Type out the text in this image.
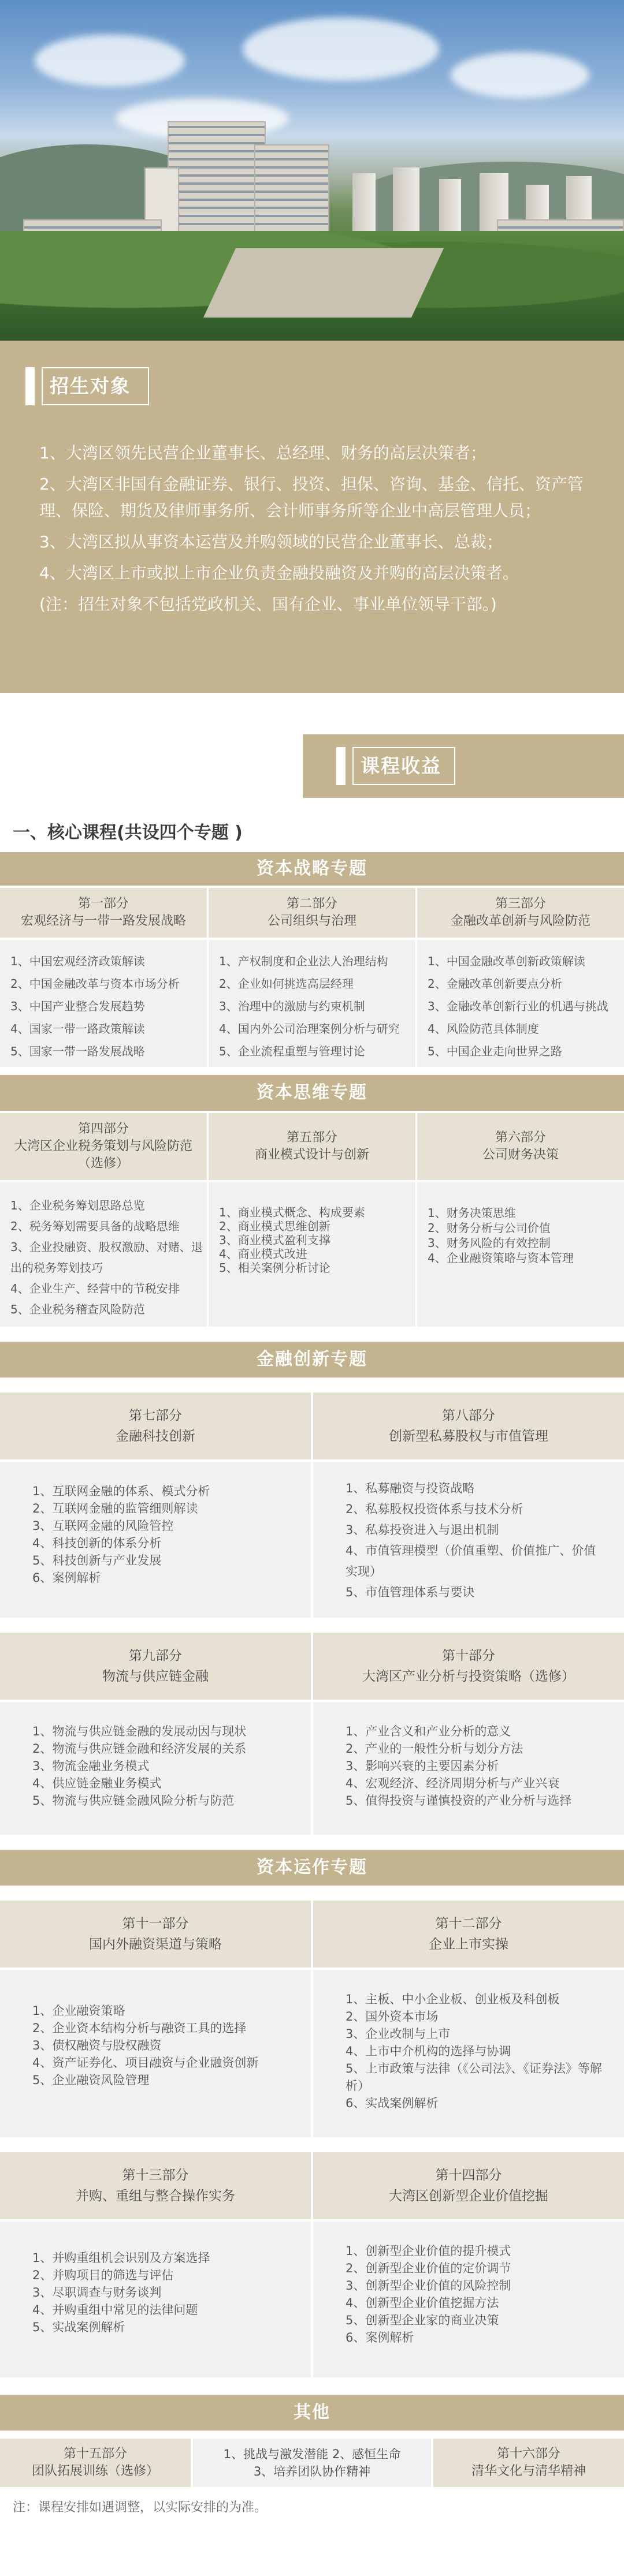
招生对象

1、大湾区领先民营企业董事长、总经理、财务的高层决策者；

2、大湾区非国有金融证券、银行、投资、担保、咨询、基金、信托、资产管理、保险、期货及律师事务所、会计师事务所等企业中高层管理人员；

3、大湾区拟从事资本运营及并购领域的民营企业董事长、总裁；

4、大湾区上市或拟上市企业负责金融投融资及并购的高层决策者。

(注：招生对象不包括党政机关、国有企业、事业单位领导干部。)

课程收益
一、核心课程(共设四个专题 )
资本战略专题
第一部分
宏观经济与一带一路发展战略
1、中国宏观经济政策解读
2、中国金融改革与资本市场分析
3、中国产业整合发展趋势
4、国家一带一路政策解读
5、国家一带一路发展战略
第二部分
公司组织与治理
1、产权制度和企业法人治理结构
2、企业如何挑选高层经理
3、治理中的激励与约束机制
4、国内外公司治理案例分析与研究
5、企业流程重塑与管理讨论
第三部分
金融改革创新与风险防范
1、中国金融改革创新政策解读
2、金融改革创新要点分析
3、金融改革创新行业的机遇与挑战
4、风险防范具体制度
5、中国企业走向世界之路
资本思维专题
第四部分
大湾区企业税务策划与风险防范
（选修）
1、企业税务筹划思路总览
2、税务筹划需要具备的战略思维
3、企业投融资、股权激励、对赌、退出的税务筹划技巧
4、企业生产、经营中的节税安排
5、企业税务稽查风险防范
第五部分
商业模式设计与创新
1、商业模式概念、构成要素
2、商业模式思维创新
3、商业模式盈利支撑
4、商业模式改进
5、相关案例分析讨论
第六部分
公司财务决策
1、财务决策思维
2、财务分析与公司价值
3、财务风险的有效控制
4、企业融资策略与资本管理
金融创新专题
第七部分
金融科技创新
1、互联网金融的体系、模式分析
2、互联网金融的监管细则解读
3、互联网金融的风险管控
4、科技创新的体系分析
5、科技创新与产业发展
6、案例解析
第八部分
创新型私募股权与市值管理
1、私募融资与投资战略
2、私募股权投资体系与技术分析
3、私募投资进入与退出机制
4、市值管理模型（价值重塑、价值推广、价值实现）
5、市值管理体系与要诀
第九部分
物流与供应链金融
1、物流与供应链金融的发展动因与现状
2、物流与供应链金融和经济发展的关系
3、物流金融业务模式
4、供应链金融业务模式
5、物流与供应链金融风险分析与防范
第十部分
大湾区产业分析与投资策略（选修）
1、产业含义和产业分析的意义
2、产业的一般性分析与划分方法
3、影响兴衰的主要因素分析
4、宏观经济、经济周期分析与产业兴衰
5、值得投资与谨慎投资的产业分析与选择
资本运作专题
第十一部分
国内外融资渠道与策略
1、企业融资策略
2、企业资本结构分析与融资工具的选择
3、债权融资与股权融资
4、资产证券化、项目融资与企业融资创新
5、企业融资风险管理
第十二部分
企业上市实操
1、主板、中小企业板、创业板及科创板
2、国外资本市场
3、企业改制与上市
4、上市中介机构的选择与协调
5、上市政策与法律（《公司法》、《证券法》等解析）
6、实战案例解析
第十三部分
并购、重组与整合操作实务
1、并购重组机会识别及方案选择
2、并购项目的筛选与评估
3、尽职调查与财务谈判
4、并购重组中常见的法律问题
5、实战案例解析
第十四部分
大湾区创新型企业价值挖掘
1、创新型企业价值的提升模式
2、创新型企业价值的定价调节
3、创新型企业价值的风险控制
4、创新型企业价值挖掘方法
5、创新型企业家的商业决策
6、案例解析
其他
第十五部分
团队拓展训练（选修）
1、挑战与激发潜能 2、感恒生命
3、培养团队协作精神
第十六部分
清华文化与清华精神
注：课程安排如遇调整，以实际安排的为准。
